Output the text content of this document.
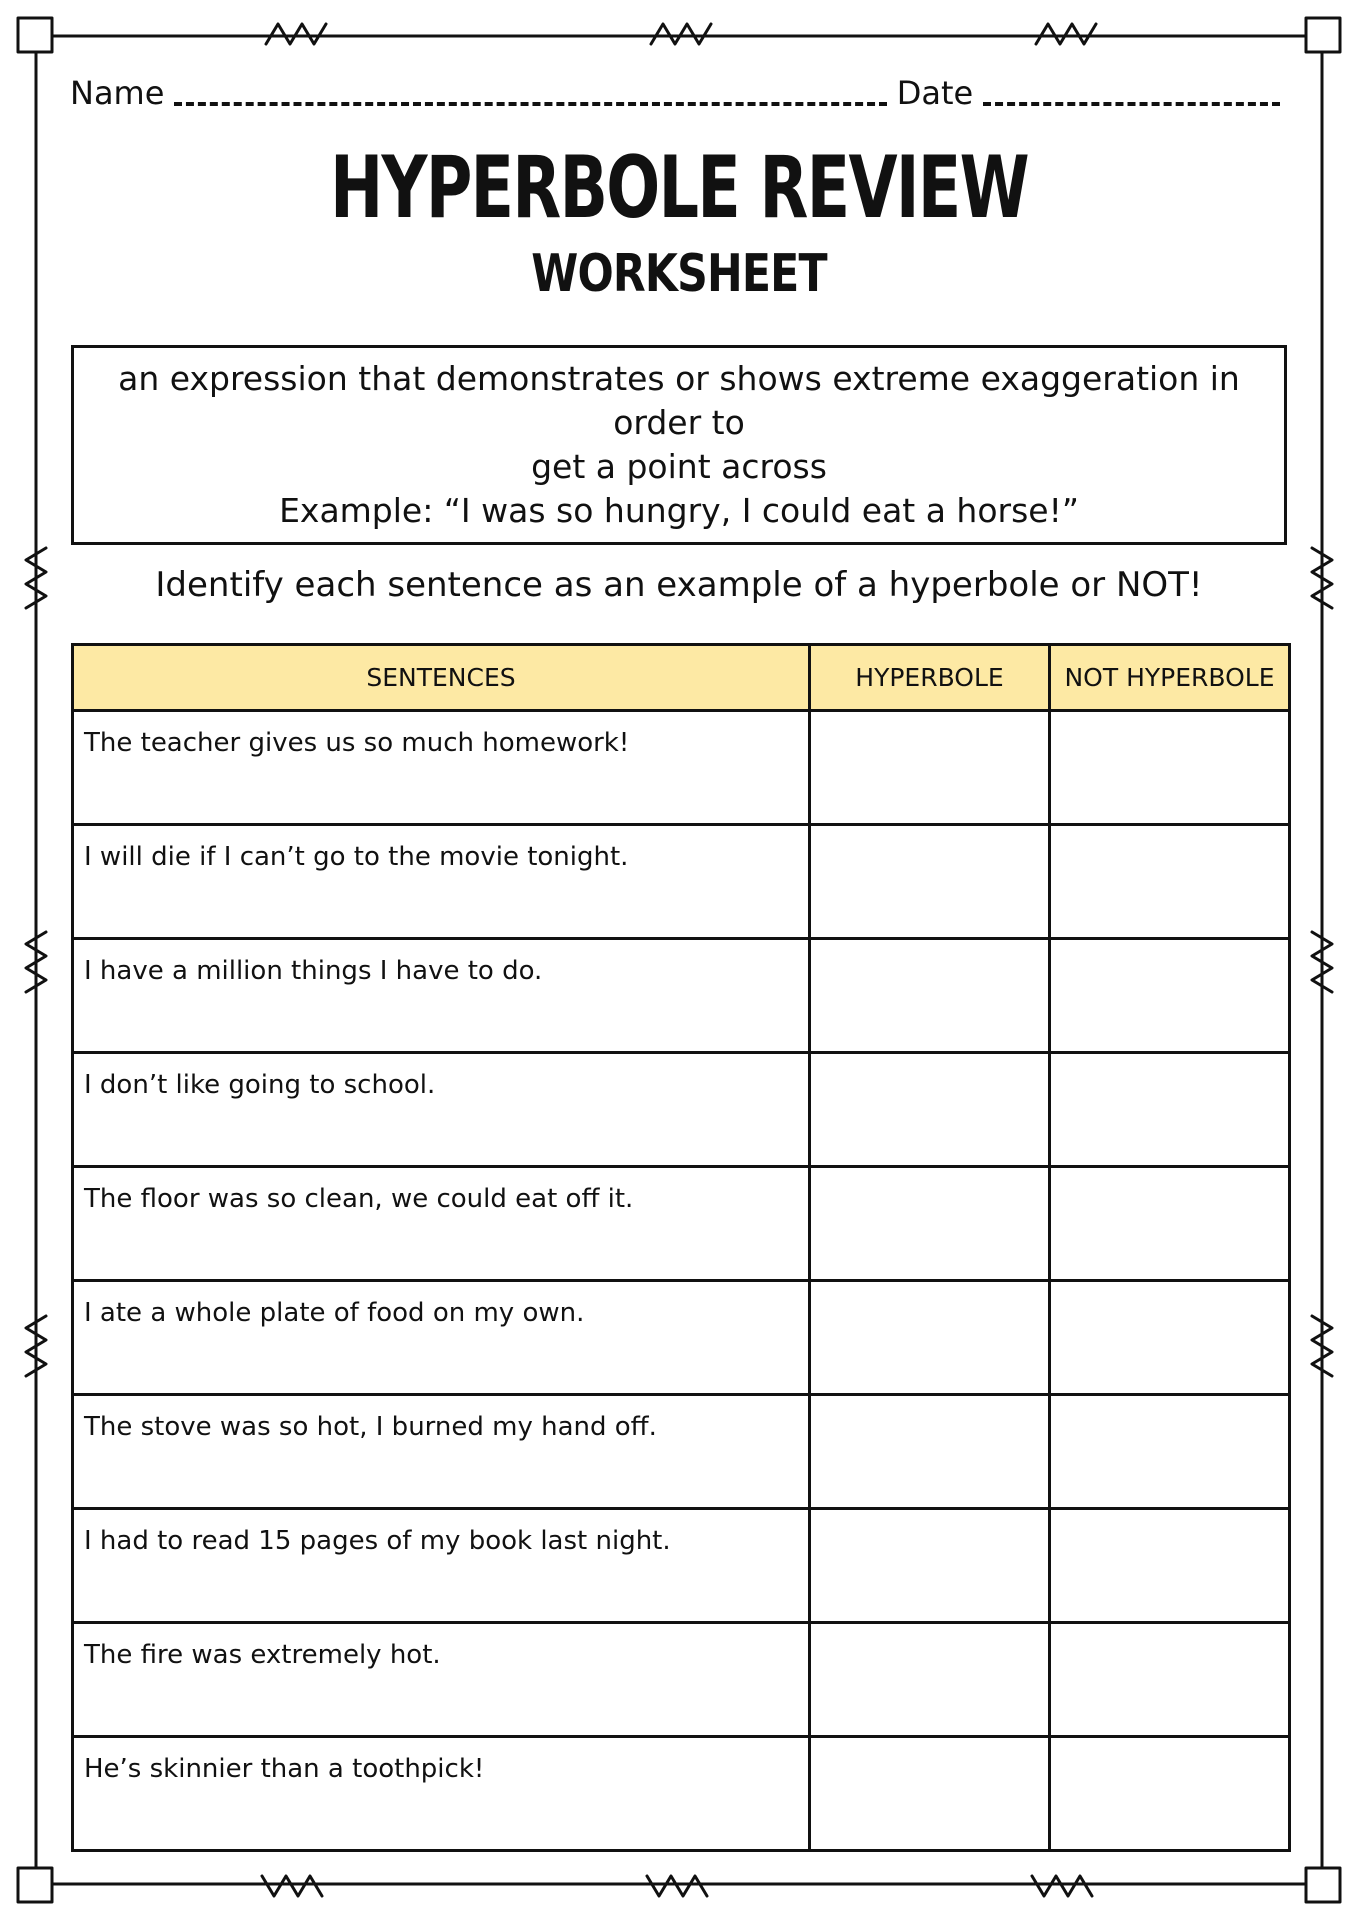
Name	Date
HYPERBOLE REVIEW
WORKSHEET
an expression that demonstrates or shows extreme exaggeration in order to
get a point across
Example: “I was so hungry, I could eat a horse!”
Identify each sentence as an example of a hyperbole or NOT!
SENTENCES	HYPERBOLE	NOT HYPERBOLE
The teacher gives us so much homework!		
I will die if I can’t go to the movie tonight.		
I have a million things I have to do.		
I don’t like going to school.		
The floor was so clean, we could eat off it.		
I ate a whole plate of food on my own.		
The stove was so hot, I burned my hand off.		
I had to read 15 pages of my book last night.		
The fire was extremely hot.		
He’s skinnier than a toothpick!		
